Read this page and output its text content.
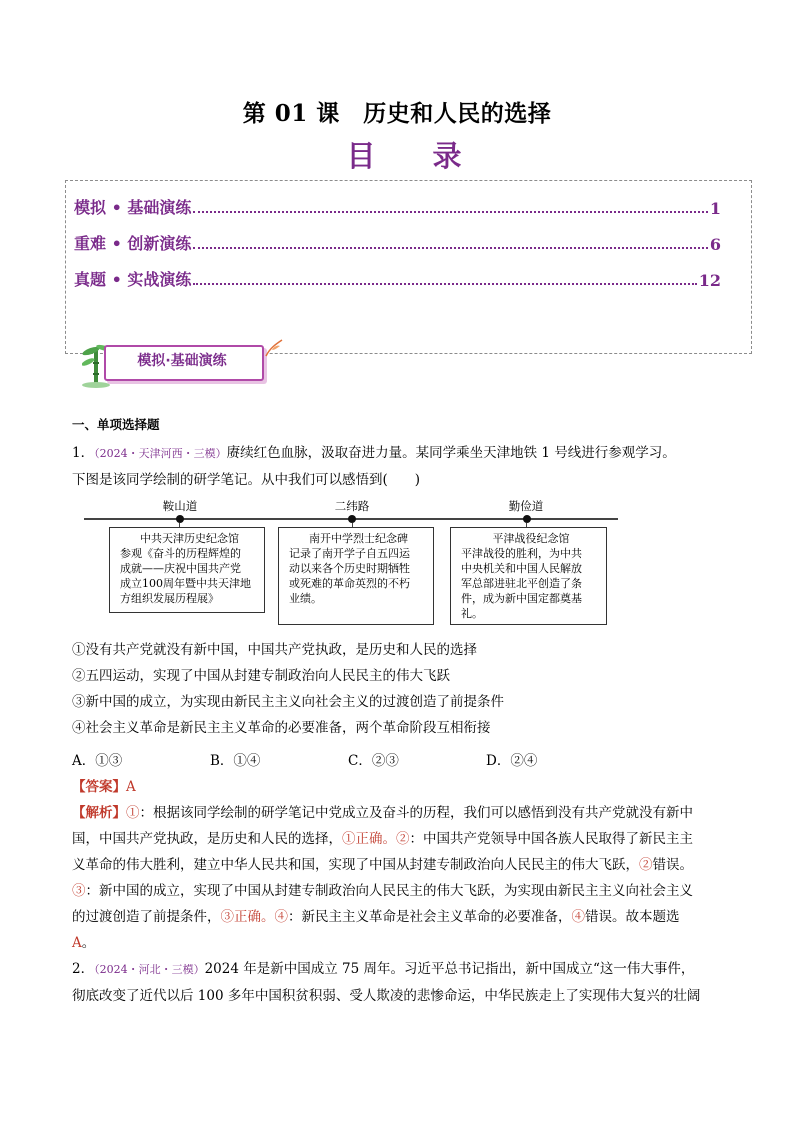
第 01 课　历史和人民的选择
目　录
模拟 • 基础演练	1
重难 • 创新演练	6
真题 • 实战演练	12
模拟·基础演练
一、单项选择题
1．（2024・天津河西・三模）赓续红色血脉，汲取奋进力量。某同学乘坐天津地铁 1 号线进行参观学习。
下图是该同学绘制的研学笔记。从中我们可以感悟到(　　)
鞍山道	二纬路	勤俭道
中共天津历史纪念馆
参观《奋斗的历程辉煌的
成就——庆祝中国共产党
成立100周年暨中共天津地
方组织发展历程展》
南开中学烈士纪念碑
记录了南开学子自五四运
动以来各个历史时期牺牲
或死难的革命英烈的不朽
业绩。
平津战役纪念馆
平津战役的胜利，为中共
中央机关和中国人民解放
军总部进驻北平创造了条
件，成为新中国定都奠基
礼。
①没有共产党就没有新中国，中国共产党执政，是历史和人民的选择
②五四运动，实现了中国从封建专制政治向人民民主的伟大飞跃
③新中国的成立，为实现由新民主主义向社会主义的过渡创造了前提条件
④社会主义革命是新民主主义革命的必要准备，两个革命阶段互相衔接
A．①③	B．①④	C．②③	D．②④
【答案】A
【解析】①：根据该同学绘制的研学笔记中党成立及奋斗的历程，我们可以感悟到没有共产党就没有新中
国，中国共产党执政，是历史和人民的选择，①正确。②：中国共产党领导中国各族人民取得了新民主主
义革命的伟大胜利，建立中华人民共和国，实现了中国从封建专制政治向人民民主的伟大飞跃，②错误。
③：新中国的成立，实现了中国从封建专制政治向人民民主的伟大飞跃，为实现由新民主主义向社会主义
的过渡创造了前提条件，③正确。④：新民主主义革命是社会主义革命的必要准备，④错误。故本题选
A。
2．（2024・河北・三模）2024 年是新中国成立 75 周年。习近平总书记指出，新中国成立“这一伟大事件，
彻底改变了近代以后 100 多年中国积贫积弱、受人欺凌的悲惨命运，中华民族走上了实现伟大复兴的壮阔
